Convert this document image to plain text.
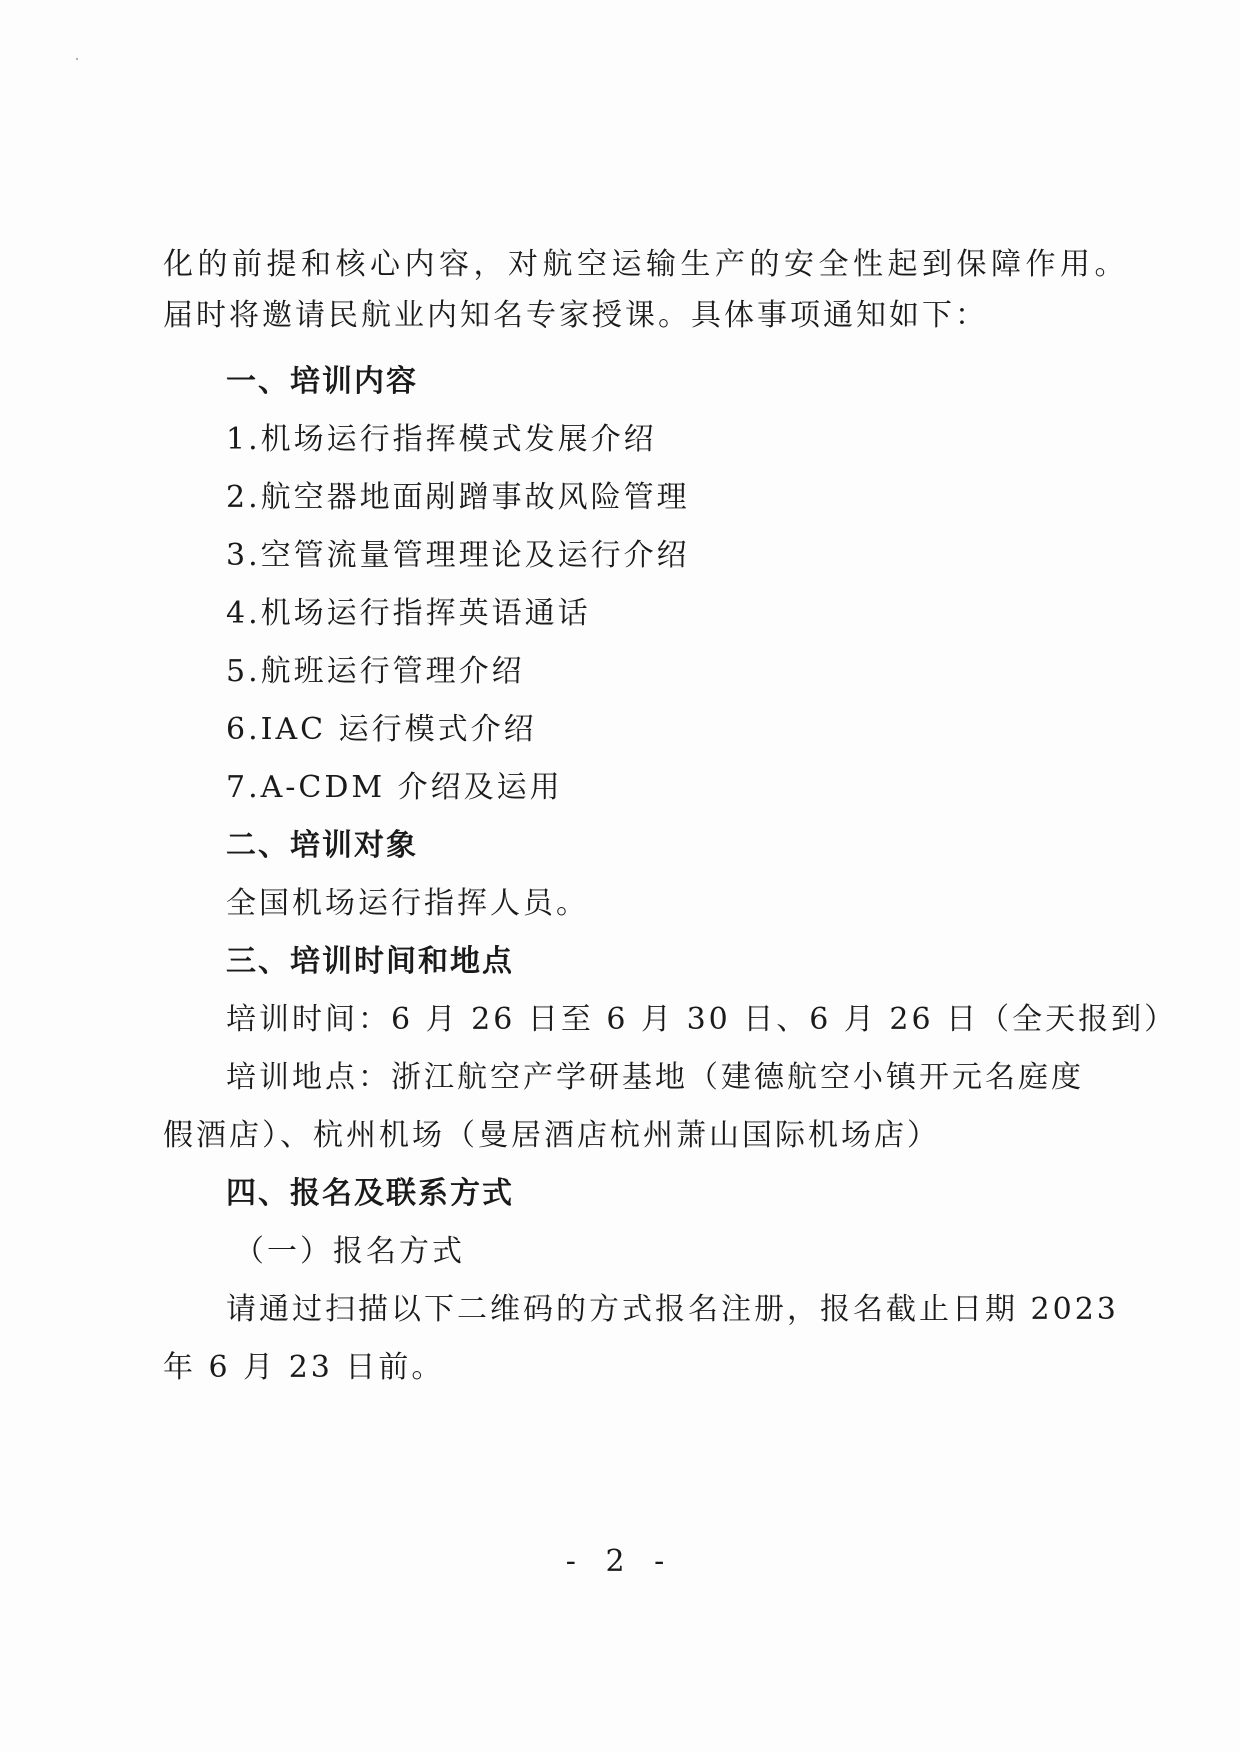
化的前提和核心内容，对航空运输生产的安全性起到保障作用。
届时将邀请民航业内知名专家授课。具体事项通知如下：
一、培训内容
1.机场运行指挥模式发展介绍
2.航空器地面剐蹭事故风险管理
3.空管流量管理理论及运行介绍
4.机场运行指挥英语通话
5.航班运行管理介绍
6.IAC 运行模式介绍
7.A-CDM 介绍及运用
二、培训对象
全国机场运行指挥人员。
三、培训时间和地点
培训时间：6 月 26 日至 6 月 30 日、6 月 26 日（全天报到）
培训地点：浙江航空产学研基地（建德航空小镇开元名庭度
假酒店）、杭州机场（曼居酒店杭州萧山国际机场店）
四、报名及联系方式
（一）报名方式
请通过扫描以下二维码的方式报名注册，报名截止日期 2023
年 6 月 23 日前。
- 2 -
